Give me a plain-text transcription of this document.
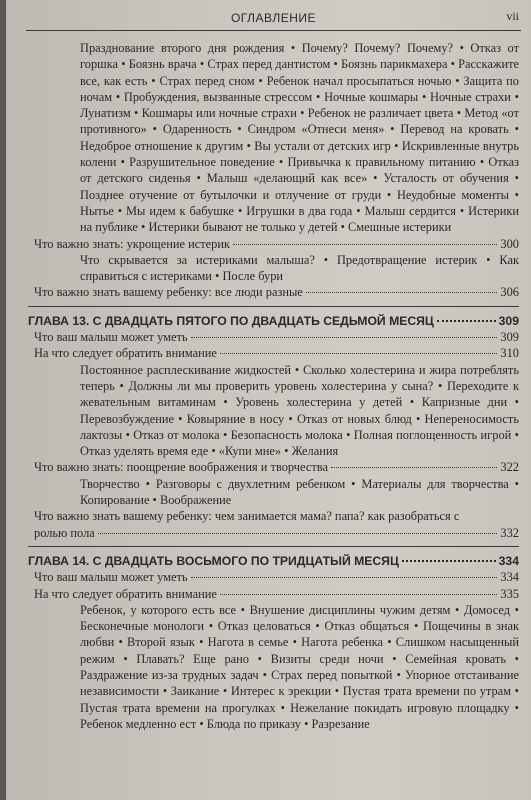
ОГЛАВЛЕНИЕ	vii
Празднование второго дня рождения • Почему? Почему? Почему? • Отказ от горшка • Боязнь врача • Страх перед дантистом • Боязнь парикмахера • Расскажите все, как есть • Страх перед сном • Ребенок начал просыпаться ночью • Защита по ночам • Пробуждения, вызванные стрессом • Ночные кошмары • Ночные страхи • Лунатизм • Кошмары или ночные страхи • Ребенок не различает цвета • Метод «от противного» • Одаренность • Синдром «Отнеси меня» • Перевод на кровать • Недоброе отношение к другим • Вы устали от детских игр • Искривленные внутрь колени • Разрушительное поведение • Привычка к правильному питанию • Отказ от детского сиденья • Малыш «делающий как все» • Усталость от обучения • Позднее отучение от бутылочки и отлучение от груди • Неудобные моменты • Нытье • Мы идем к бабушке • Игрушки в два года • Малыш сердится • Истерики на публике • Истерики бывают не только у детей • Смешные истерики
Что важно знать: укрощение истерик	300
Что скрывается за истериками малыша? • Предотвращение истерик • Как справиться с истериками • После бури
Что важно знать вашему ребенку: все люди разные	306
ГЛАВА 13. С ДВАДЦАТЬ ПЯТОГО ПО ДВАДЦАТЬ СЕДЬМОЙ МЕСЯЦ	309
Что ваш малыш может уметь	309
На что следует обратить внимание	310
Постоянное расплескивание жидкостей • Сколько холестерина и жира потреблять теперь • Должны ли мы проверить уровень холестерина у сына? • Переходите к жевательным витаминам • Уровень холестерина у детей • Капризные дни • Перевозбуждение • Ковыряние в носу • Отказ от новых блюд • Непереносимость лактозы • Отказ от молока • Безопасность молока • Полная поглощенность игрой • Отказ уделять время еде • «Купи мне» • Желания
Что важно знать: поощрение воображения и творчества	322
Творчество • Разговоры с двухлетним ребенком • Материалы для творчества • Копирование • Воображение
Что важно знать вашему ребенку: чем занимается мама? папа? как разобраться с
ролью пола	332
ГЛАВА 14. С ДВАДЦАТЬ ВОСЬМОГО ПО ТРИДЦАТЫЙ МЕСЯЦ	334
Что ваш малыш может уметь	334
На что следует обратить внимание	335
Ребенок, у которого есть все • Внушение дисциплины чужим детям • Домосед • Бесконечные монологи • Отказ целоваться • Отказ общаться • Пощечины в знак любви • Второй язык • Нагота в семье • Нагота ребенка • Слишком насыщенный режим • Плавать? Еще рано • Визиты среди ночи • Семейная кровать • Раздражение из-за трудных задач • Страх перед попыткой • Упорное отстаивание независимости • Заикание • Интерес к эрекции • Пустая трата времени по утрам • Пустая трата времени на прогулках • Нежелание покидать игровую площадку • Ребенок медленно ест • Блюда по приказу • Разрезание
